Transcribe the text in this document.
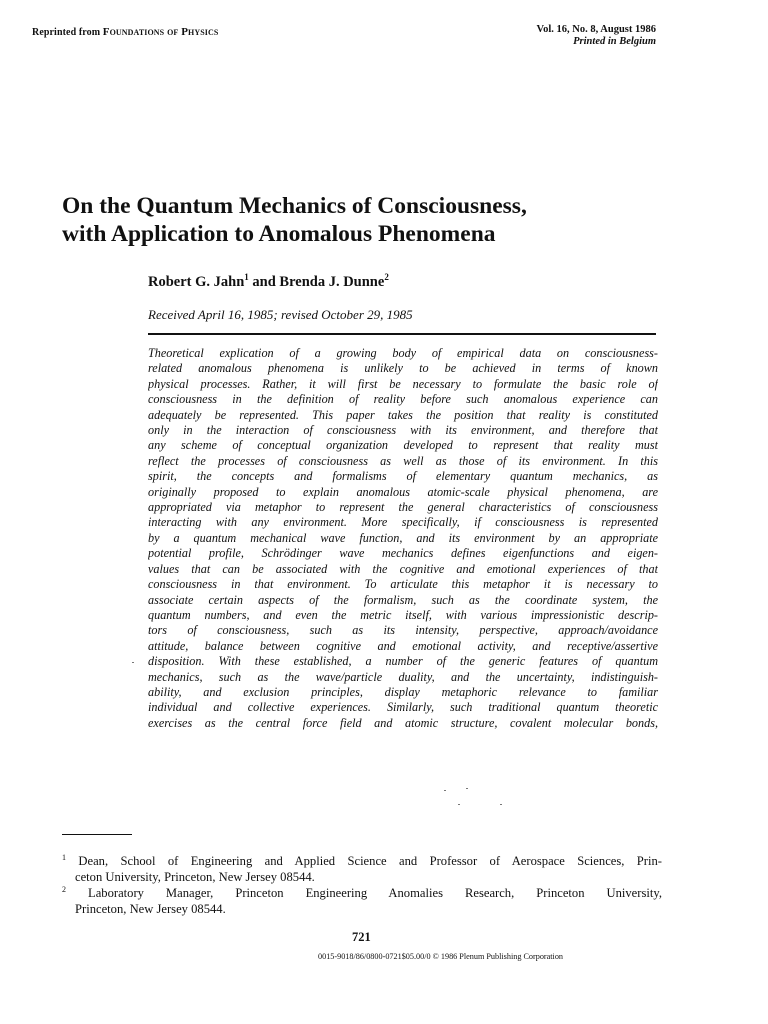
Reprinted from Foundations of Physics	Vol. 16, No. 8, August 1986
Printed in Belgium
On the Quantum Mechanics of Consciousness,
with Application to Anomalous Phenomena
Robert G. Jahn$^1$ and Brenda J. Dunne$^2$
Received April 16, 1985; revised October 29, 1985
Theoretical explication of a growing body of empirical data on consciousness-
related anomalous phenomena is unlikely to be achieved in terms of known
physical processes. Rather, it will first be necessary to formulate the basic role of
consciousness in the definition of reality before such anomalous experience can
adequately be represented. This paper takes the position that reality is constituted
only in the interaction of consciousness with its environment, and therefore that
any scheme of conceptual organization developed to represent that reality must
reflect the processes of consciousness as well as those of its environment. In this
spirit, the concepts and formalisms of elementary quantum mechanics, as
originally proposed to explain anomalous atomic-scale physical phenomena, are
appropriated via metaphor to represent the general characteristics of consciousness
interacting with any environment. More specifically, if consciousness is represented
by a quantum mechanical wave function, and its environment by an appropriate
potential profile, Schrödinger wave mechanics defines eigenfunctions and eigen-
values that can be associated with the cognitive and emotional experiences of that
consciousness in that environment. To articulate this metaphor it is necessary to
associate certain aspects of the formalism, such as the coordinate system, the
quantum numbers, and even the metric itself, with various impressionistic descrip-
tors of consciousness, such as its intensity, perspective, approach/avoidance
attitude, balance between cognitive and emotional activity, and receptive/assertive
disposition. With these established, a number of the generic features of quantum
mechanics, such as the wave/particle duality, and the uncertainty, indistinguish-
ability, and exclusion principles, display metaphoric relevance to familiar
individual and collective experiences. Similarly, such traditional quantum theoretic
exercises as the central force field and atomic structure, covalent molecular bonds,
$^1$ Dean, School of Engineering and Applied Science and Professor of Aerospace Sciences, Prin-
ceton University, Princeton, New Jersey 08544.
$^2$ Laboratory Manager, Princeton Engineering Anomalies Research, Princeton University,
Princeton, New Jersey 08544.
721
0015-9018/86/0800-0721$05.00/0 © 1986 Plenum Publishing Corporation
